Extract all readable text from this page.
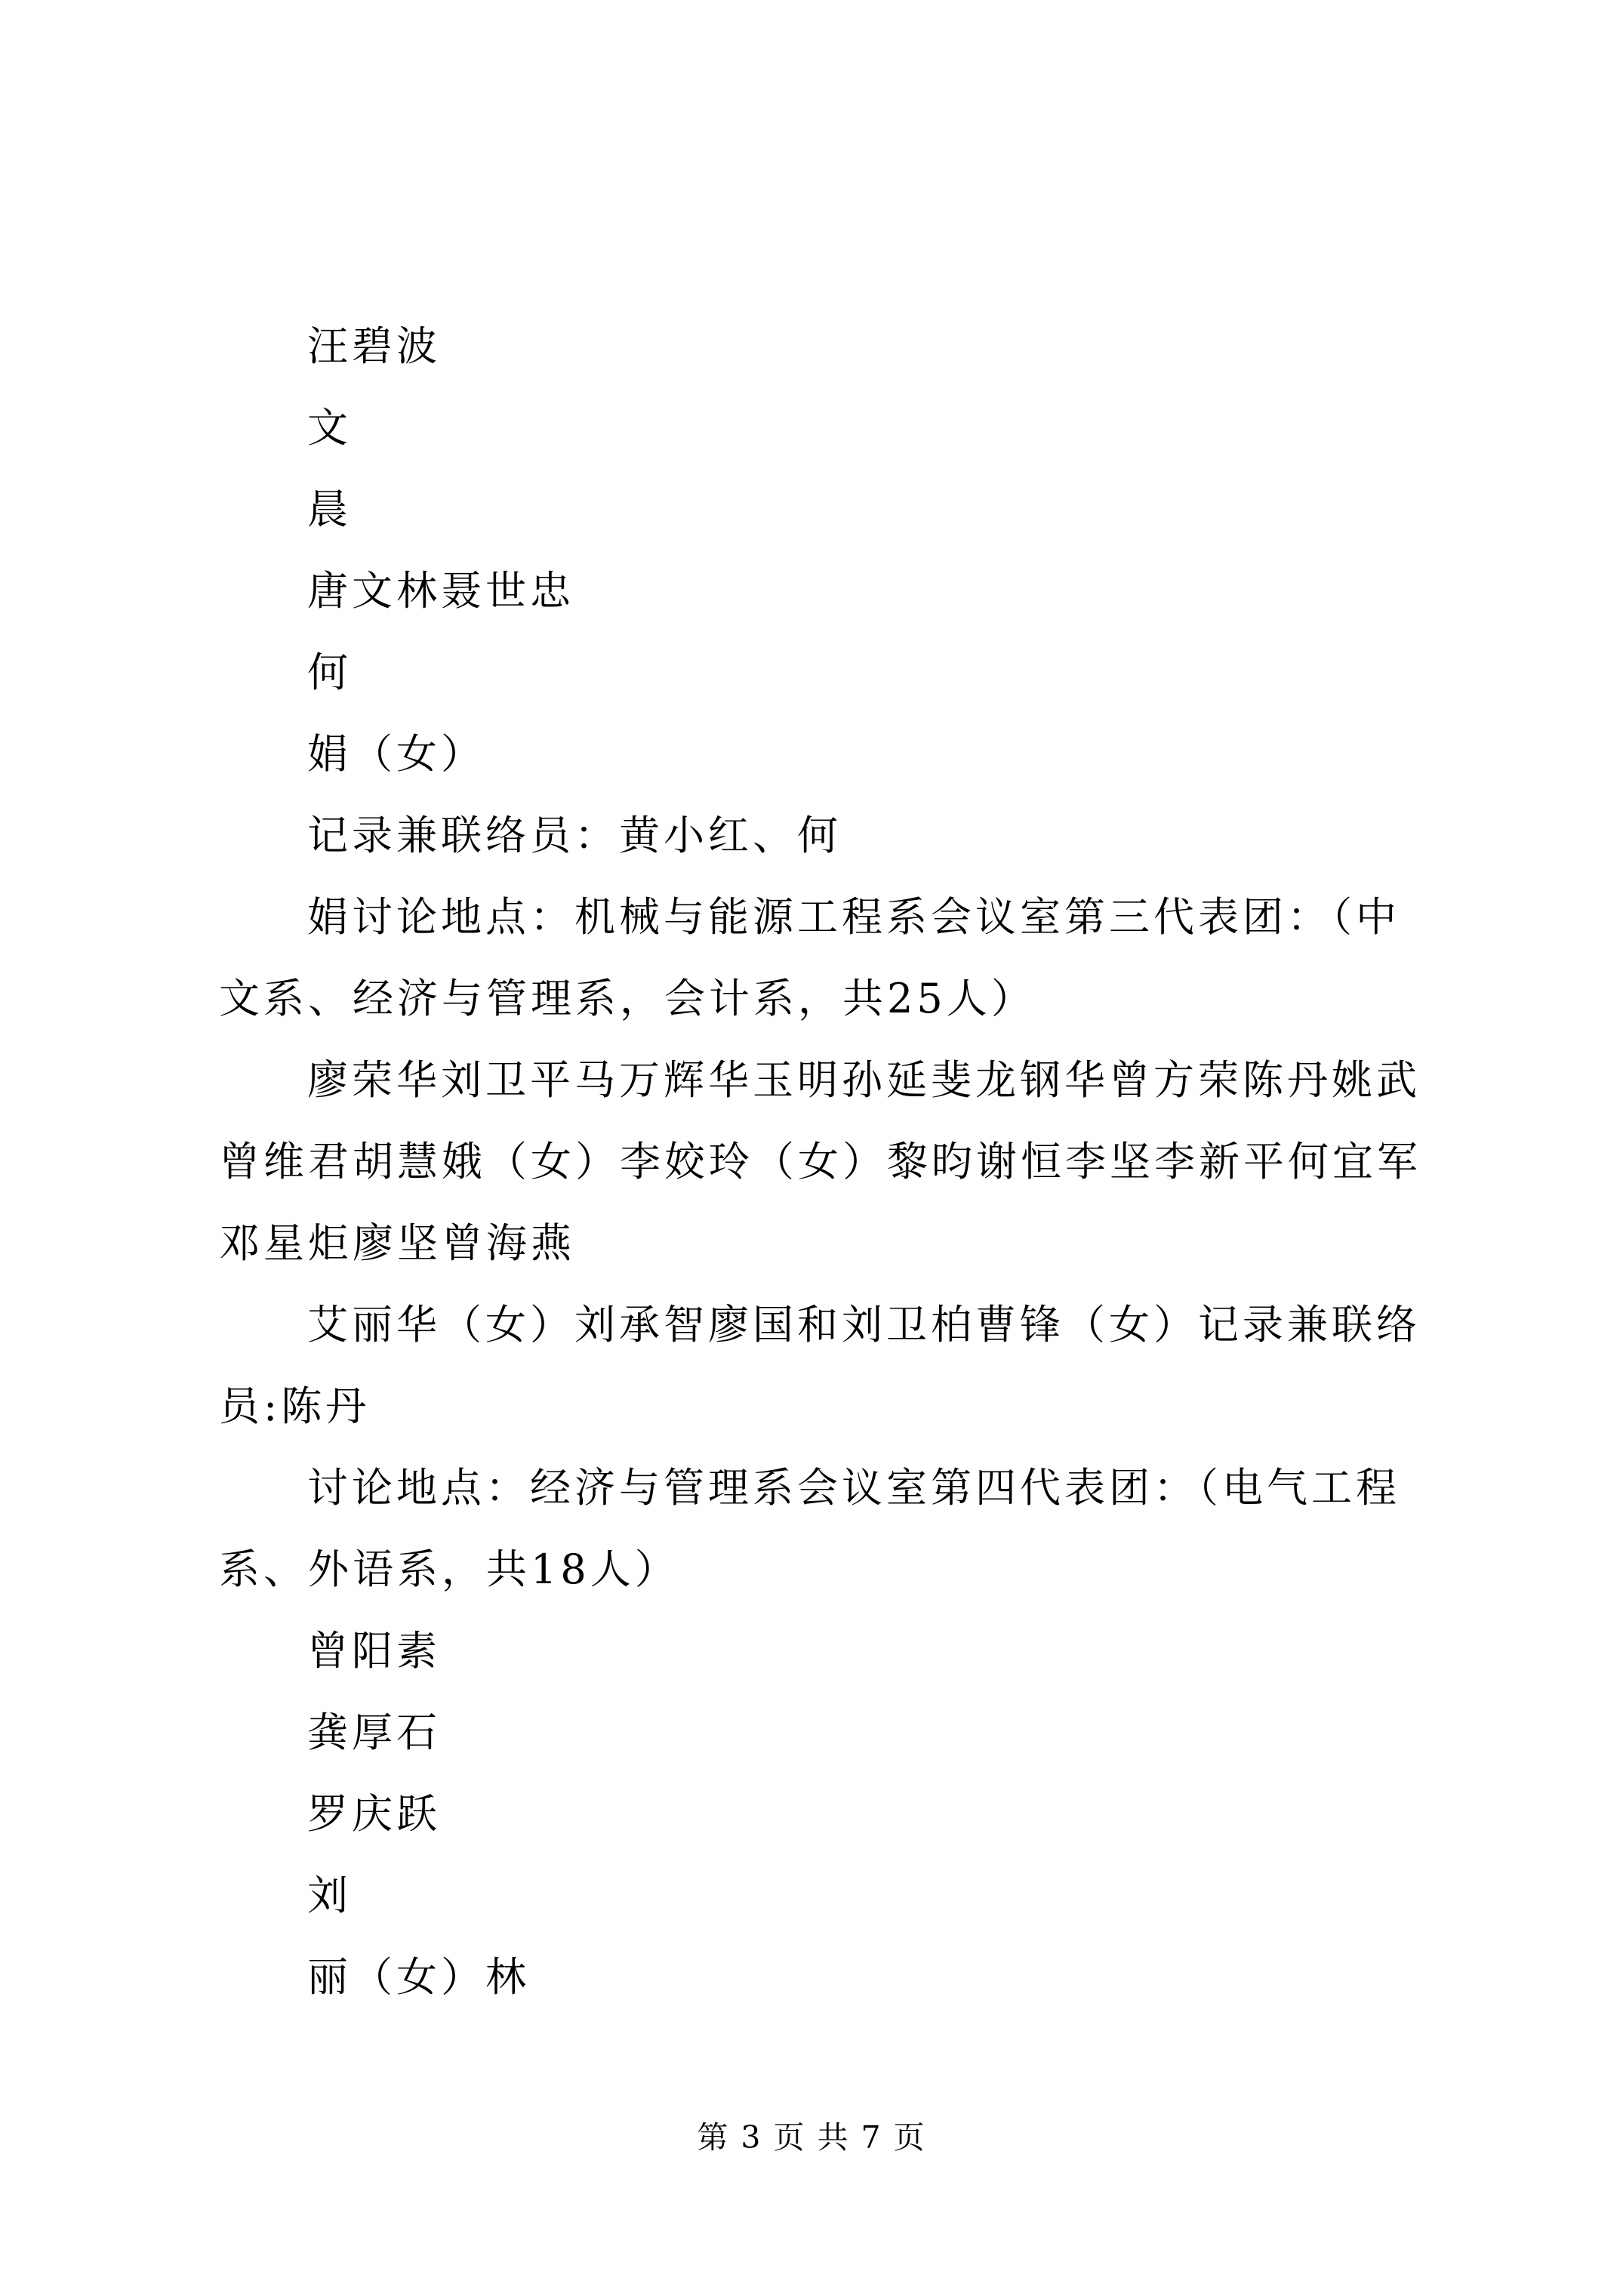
汪碧波

文

晨

唐文林聂世忠

何

娟（女）

记录兼联络员：黄小红、何

娟讨论地点：机械与能源工程系会议室第三代表团：（中文系、经济与管理系，会计系，共25人）

廖荣华刘卫平马万辉华玉明孙延斐龙钢华曾方荣陈丹姚武曾维君胡慧娥（女）李姣玲（女）黎昀谢恒李坚李新平何宜军邓星炬廖坚曾海燕

艾丽华（女）刘承智廖国和刘卫柏曹锋（女）记录兼联络员:陈丹

讨论地点：经济与管理系会议室第四代表团：（电气工程系、外语系，共18人）

曾阳素

龚厚石

罗庆跃

刘

丽（女）林

第 3 页 共 7 页
